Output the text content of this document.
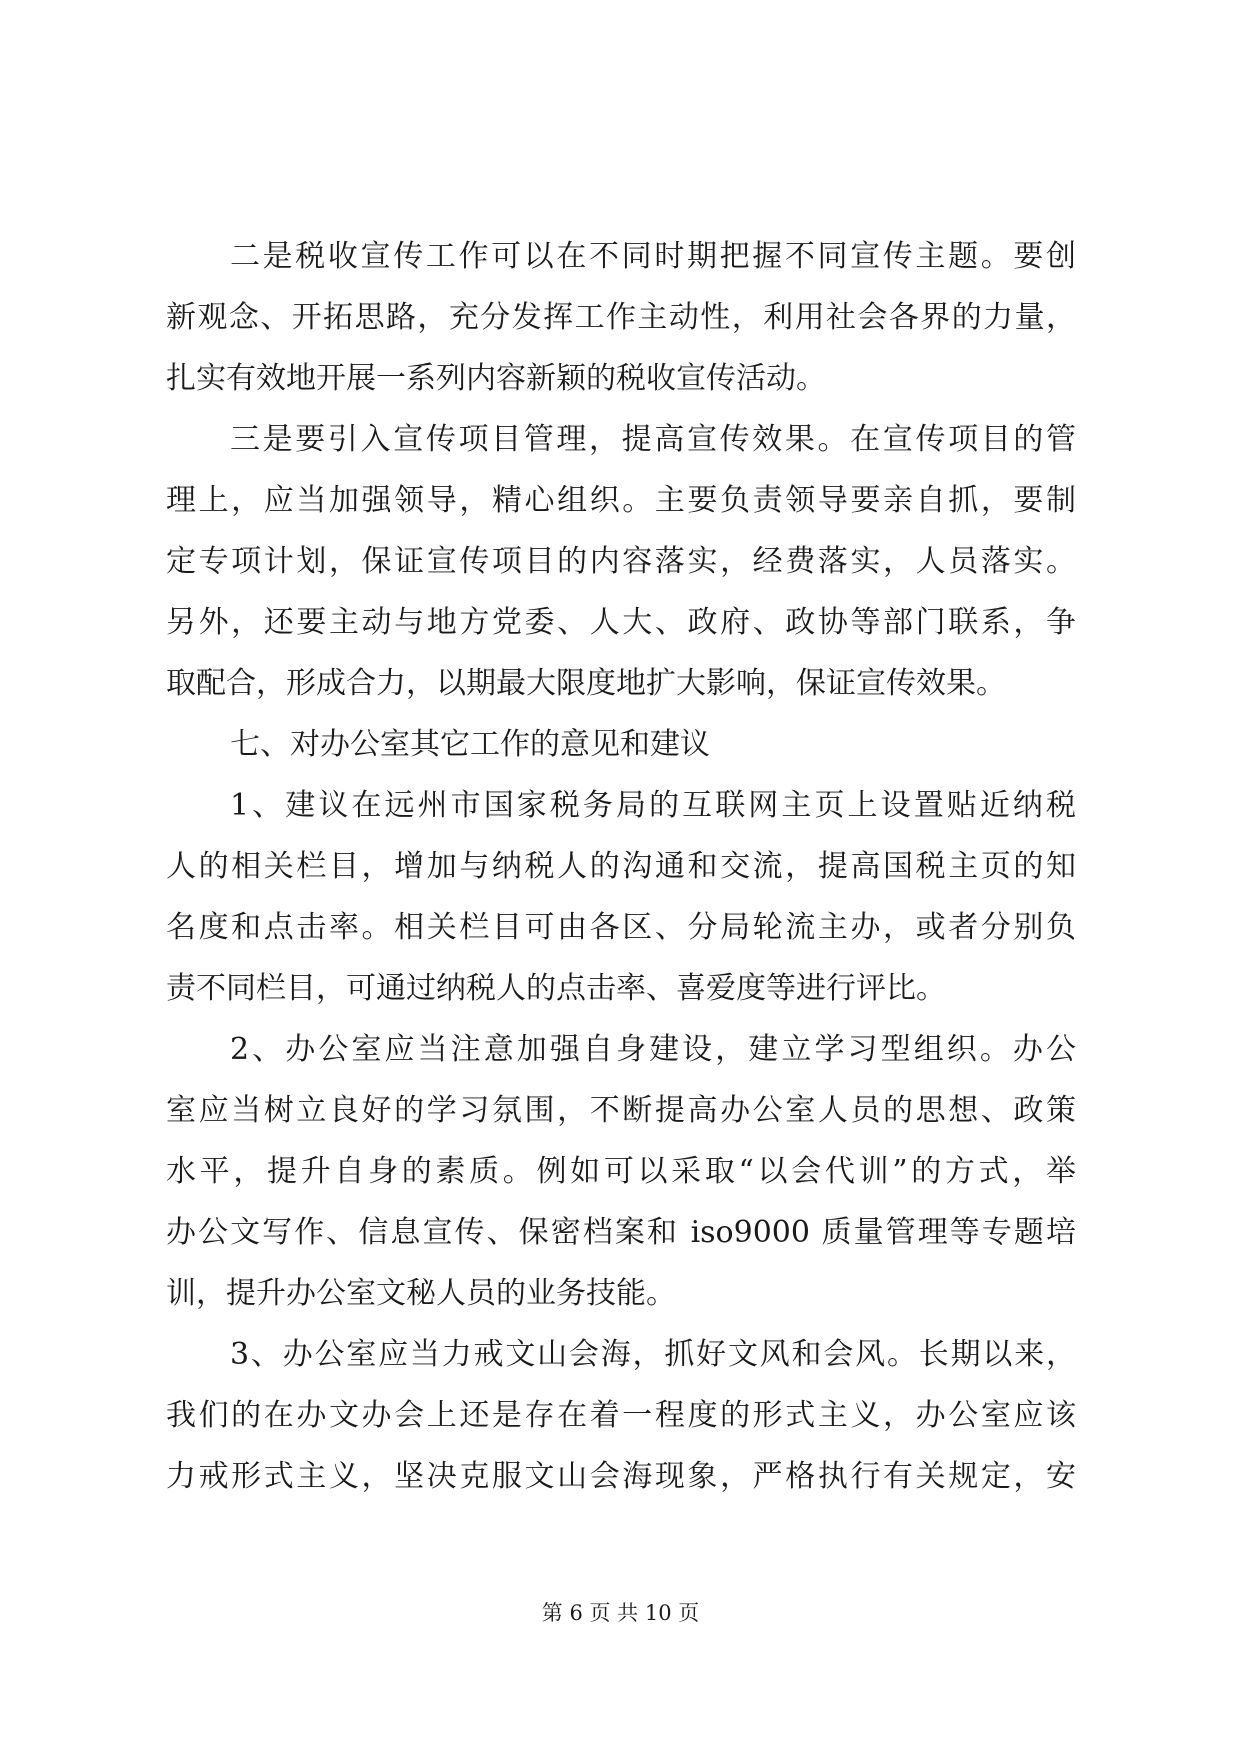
二是税收宣传工作可以在不同时期把握不同宣传主题。要创
新观念、开拓思路，充分发挥工作主动性，利用社会各界的力量，
扎实有效地开展一系列内容新颖的税收宣传活动。
三是要引入宣传项目管理，提高宣传效果。在宣传项目的管
理上，应当加强领导，精心组织。主要负责领导要亲自抓，要制
定专项计划，保证宣传项目的内容落实，经费落实，人员落实。
另外，还要主动与地方党委、人大、政府、政协等部门联系，争
取配合，形成合力，以期最大限度地扩大影响，保证宣传效果。
七、对办公室其它工作的意见和建议
1、建议在远州市国家税务局的互联网主页上设置贴近纳税
人的相关栏目，增加与纳税人的沟通和交流，提高国税主页的知
名度和点击率。相关栏目可由各区、分局轮流主办，或者分别负
责不同栏目，可通过纳税人的点击率、喜爱度等进行评比。
2、办公室应当注意加强自身建设，建立学习型组织。办公
室应当树立良好的学习氛围，不断提高办公室人员的思想、政策
水平，提升自身的素质。例如可以采取“以会代训”的方式，举
办公文写作、信息宣传、保密档案和 iso9000 质量管理等专题培
训，提升办公室文秘人员的业务技能。
3、办公室应当力戒文山会海，抓好文风和会风。长期以来，
我们的在办文办会上还是存在着一程度的形式主义，办公室应该
力戒形式主义，坚决克服文山会海现象，严格执行有关规定，安
第 6 页 共 10 页
